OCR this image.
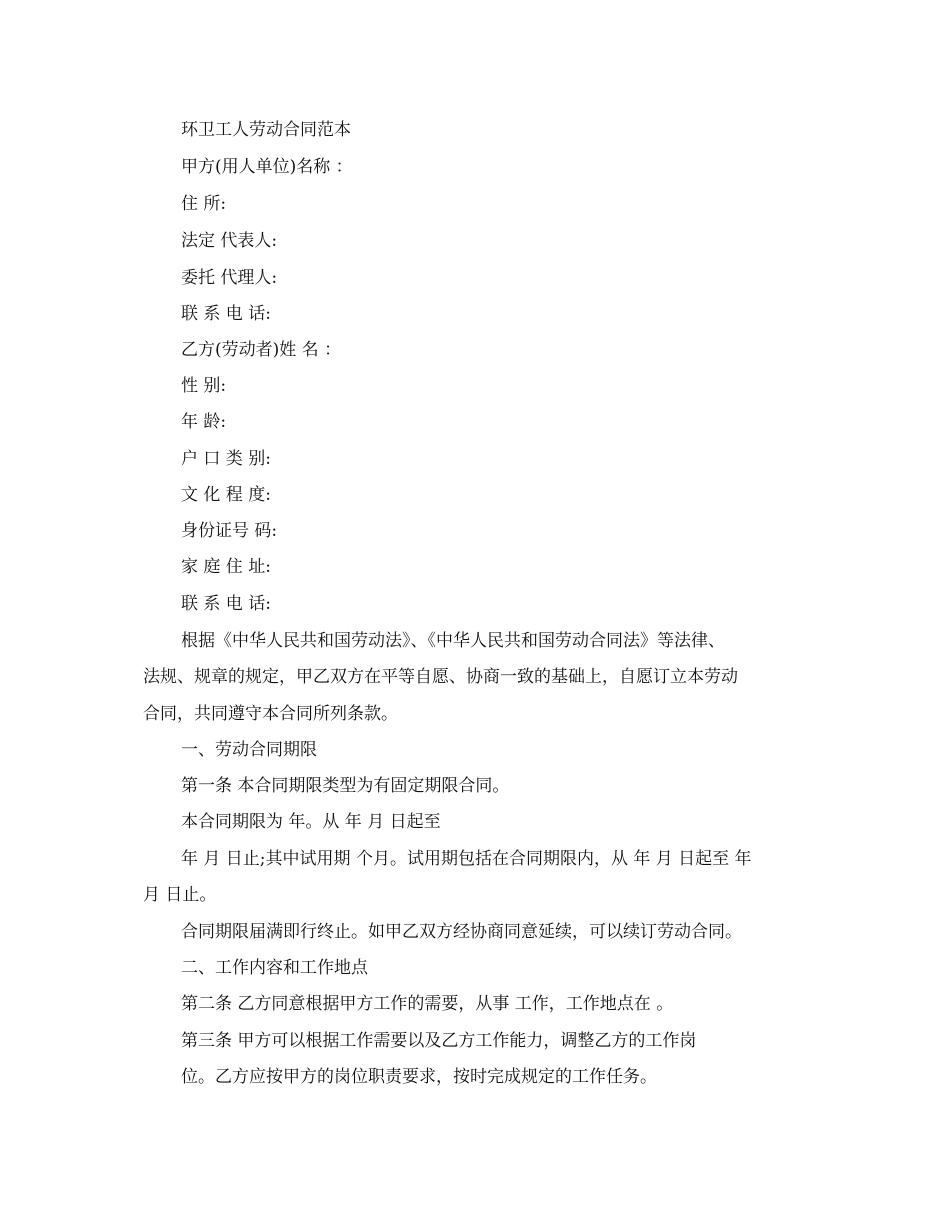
环卫工人劳动合同范本
甲方(用人单位)名称 ：
住 所:
法定 代表人:
委托 代理人:
联 系 电 话:
乙方(劳动者)姓 名 ：
性 别:
年 龄:
户 口 类 别:
文 化 程 度:
身份证号 码:
家 庭 住 址:
联 系 电 话:
根据《中华人民共和国劳动法》、《中华人民共和国劳动合同法》等法律、
法规、规章的规定，甲乙双方在平等自愿、协商一致的基础上，自愿订立本劳动
合同，共同遵守本合同所列条款。
一、劳动合同期限
第一条 本合同期限类型为有固定期限合同。
本合同期限为 年。从 年 月 日起至
年 月 日止;其中试用期 个月。试用期包括在合同期限内，从 年 月 日起至 年
月 日止。
合同期限届满即行终止。如甲乙双方经协商同意延续，可以续订劳动合同。
二、工作内容和工作地点
第二条 乙方同意根据甲方工作的需要，从事 工作，工作地点在 。
第三条 甲方可以根据工作需要以及乙方工作能力，调整乙方的工作岗
位。乙方应按甲方的岗位职责要求，按时完成规定的工作任务。
